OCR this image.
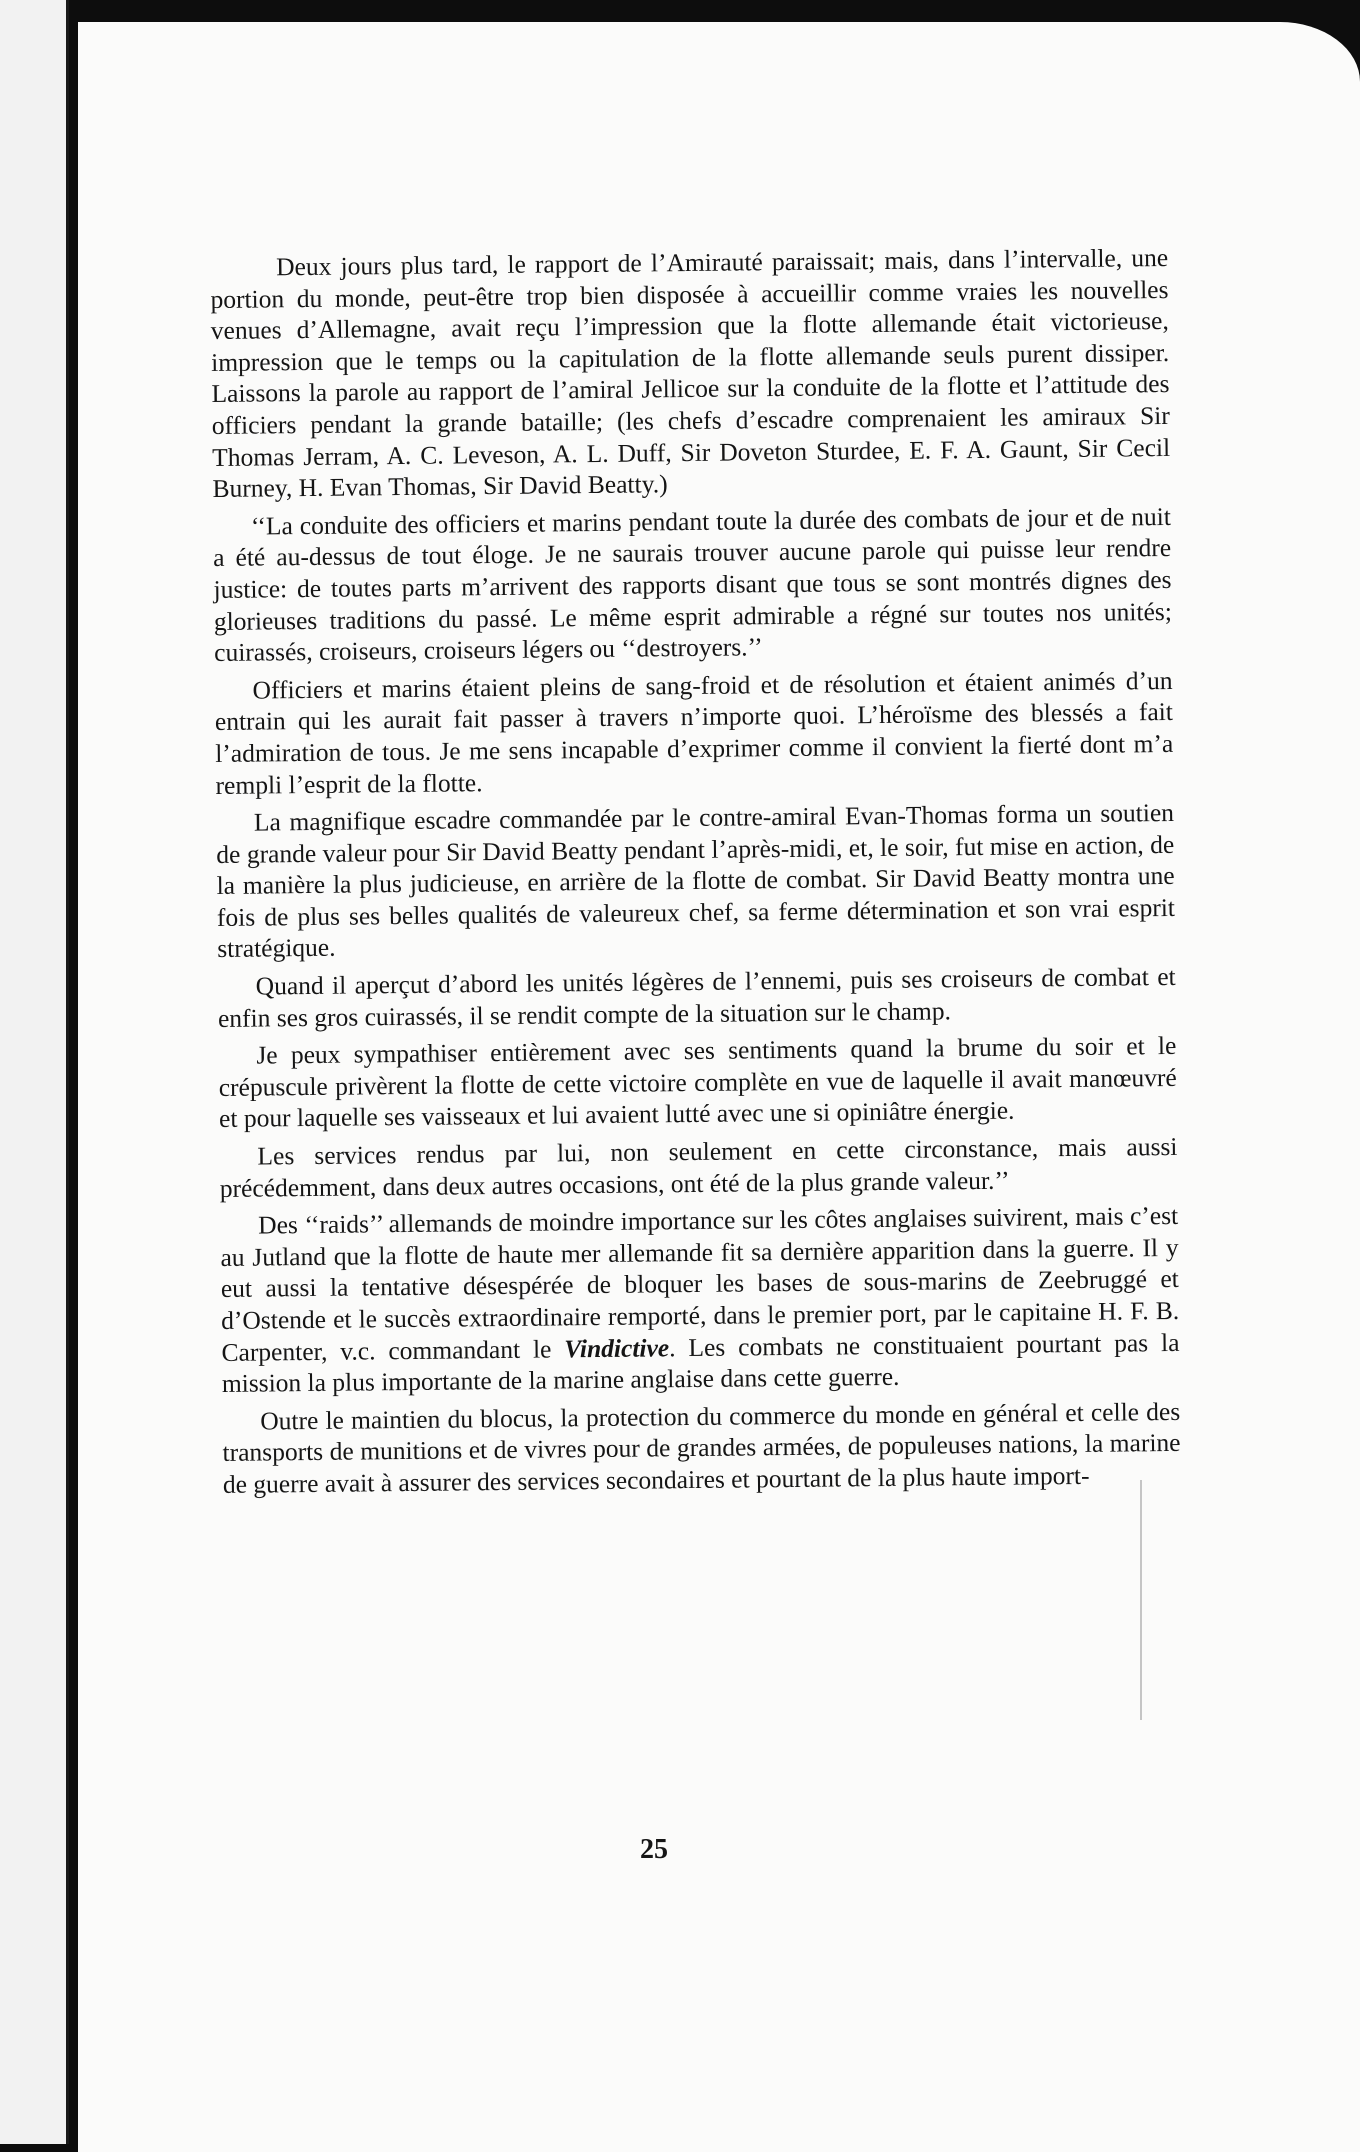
Deux jours plus tard, le rapport de l’Amirauté paraissait; mais, dans l’intervalle, une portion du monde, peut-être trop bien disposée à accueillir comme vraies les nouvelles venues d’Allemagne, avait reçu l’impression que la flotte allemande était victorieuse, impression que le temps ou la capitulation de la flotte allemande seuls purent dissiper. Laissons la parole au rapport de l’amiral Jellicoe sur la conduite de la flotte et l’attitude des officiers pendant la grande bataille; (les chefs d’escadre comprenaient les amiraux Sir Thomas Jerram, A. C. Leveson, A. L. Duff, Sir Doveton Sturdee, E. F. A. Gaunt, Sir Cecil Burney, H. Evan Thomas, Sir David Beatty.)

‘‘La conduite des officiers et marins pendant toute la durée des combats de jour et de nuit a été au-dessus de tout éloge. Je ne saurais trouver aucune parole qui puisse leur rendre justice: de toutes parts m’arrivent des rapports disant que tous se sont montrés dignes des glorieuses traditions du passé. Le même esprit admirable a régné sur toutes nos unités; cuirassés, croiseurs, croiseurs légers ou ‘‘destroyers.’’

Officiers et marins étaient pleins de sang-froid et de résolution et étaient animés d’un entrain qui les aurait fait passer à travers n’importe quoi. L’héroïsme des blessés a fait l’admiration de tous. Je me sens incapable d’exprimer comme il convient la fierté dont m’a rempli l’esprit de la flotte.

La magnifique escadre commandée par le contre-amiral Evan-Thomas forma un soutien de grande valeur pour Sir David Beatty pendant l’après-midi, et, le soir, fut mise en action, de la manière la plus judicieuse, en arrière de la flotte de combat. Sir David Beatty montra une fois de plus ses belles qualités de valeureux chef, sa ferme détermination et son vrai esprit stratégique.

Quand il aperçut d’abord les unités légères de l’ennemi, puis ses croiseurs de combat et enfin ses gros cuirassés, il se rendit compte de la situation sur le champ.

Je peux sympathiser entièrement avec ses sentiments quand la brume du soir et le crépuscule privèrent la flotte de cette victoire complète en vue de laquelle il avait manœuvré et pour laquelle ses vaisseaux et lui avaient lutté avec une si opiniâtre énergie.

Les services rendus par lui, non seulement en cette circonstance, mais aussi précédemment, dans deux autres occasions, ont été de la plus grande valeur.’’

Des ‘‘raids’’ allemands de moindre importance sur les côtes anglaises suivirent, mais c’est au Jutland que la flotte de haute mer allemande fit sa dernière apparition dans la guerre. Il y eut aussi la tentative désespérée de bloquer les bases de sous-marins de Zeebruggé et d’Ostende et le succès extraordinaire remporté, dans le premier port, par le capitaine H. F. B. Carpenter, v.c. commandant le Vindictive. Les combats ne constituaient pourtant pas la mission la plus importante de la marine anglaise dans cette guerre.

Outre le maintien du blocus, la protection du commerce du monde en général et celle des transports de munitions et de vivres pour de grandes armées, de populeuses nations, la marine de guerre avait à assurer des services secondaires et pourtant de la plus haute import-

25
